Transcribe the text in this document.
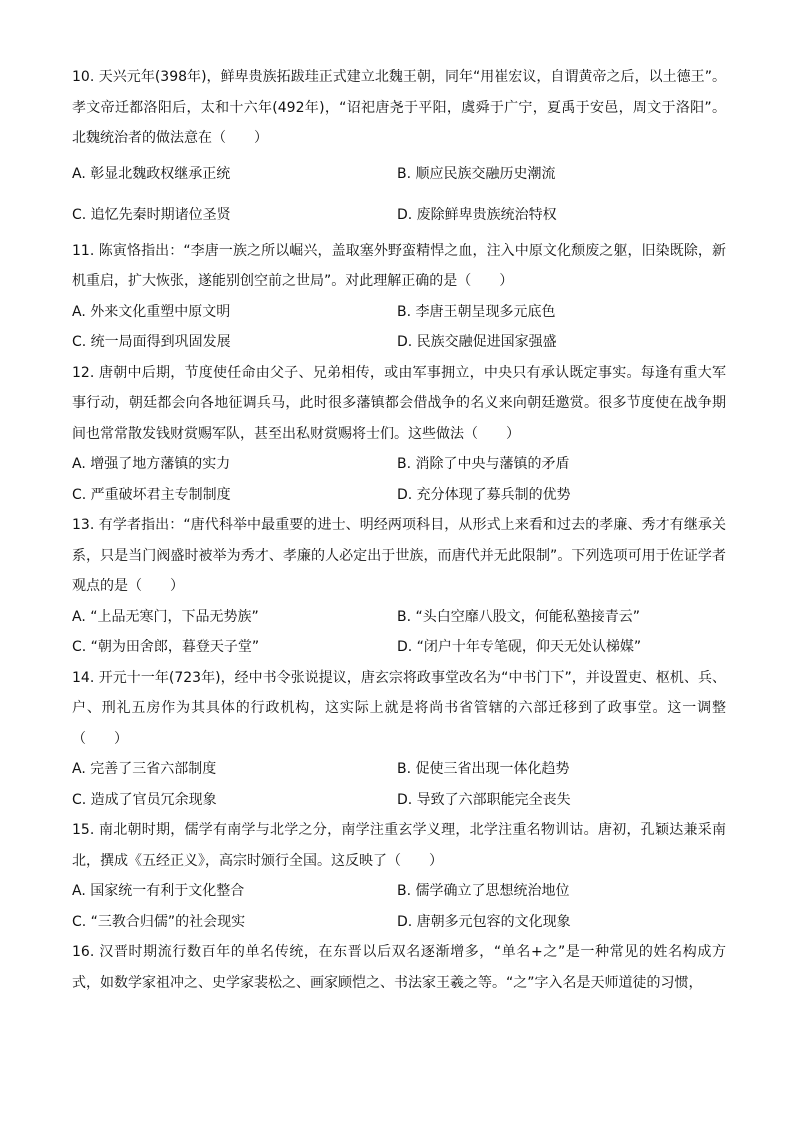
10. 天兴元年(398年)，鲜卑贵族拓跋珪正式建立北魏王朝，同年“用崔宏议，自谓黄帝之后，以土德王”。孝文帝迁都洛阳后，太和十六年(492年)，“诏祀唐尧于平阳，虞舜于广宁，夏禹于安邑，周文于洛阳”。北魏统治者的做法意在（　　）

A. 彰显北魏政权继承正统	B. 顺应民族交融历史潮流
C. 追忆先秦时期诸位圣贤	D. 废除鲜卑贵族统治特权

11. 陈寅恪指出：“李唐一族之所以崛兴，盖取塞外野蛮精悍之血，注入中原文化颓废之躯，旧染既除，新机重启，扩大恢张，遂能别创空前之世局”。对此理解正确的是（　　）

A. 外来文化重塑中原文明	B. 李唐王朝呈现多元底色
C. 统一局面得到巩固发展	D. 民族交融促进国家强盛

12. 唐朝中后期，节度使任命由父子、兄弟相传，或由军事拥立，中央只有承认既定事实。每逢有重大军事行动，朝廷都会向各地征调兵马，此时很多藩镇都会借战争的名义来向朝廷邀赏。很多节度使在战争期间也常常散发钱财赏赐军队，甚至出私财赏赐将士们。这些做法（　　）

A. 增强了地方藩镇的实力	B. 消除了中央与藩镇的矛盾
C. 严重破坏君主专制制度	D. 充分体现了募兵制的优势

13. 有学者指出：“唐代科举中最重要的进士、明经两项科目，从形式上来看和过去的孝廉、秀才有继承关系，只是当门阀盛时被举为秀才、孝廉的人必定出于世族，而唐代并无此限制”。下列选项可用于佐证学者观点的是（　　）

A. “上品无寒门，下品无势族”	B. “头白空靡八股文，何能私塾接青云”
C. “朝为田舍郎，暮登天子堂”	D. “闭户十年专笔砚，仰天无处认梯媒”

14. 开元十一年(723年)，经中书令张说提议，唐玄宗将政事堂改名为“中书门下”，并设置吏、枢机、兵、户、刑礼五房作为其具体的行政机构，这实际上就是将尚书省管辖的六部迁移到了政事堂。这一调整（　　）

A. 完善了三省六部制度	B. 促使三省出现一体化趋势
C. 造成了官员冗余现象	D. 导致了六部职能完全丧失

15. 南北朝时期，儒学有南学与北学之分，南学注重玄学义理，北学注重名物训诂。唐初，孔颖达兼采南北，撰成《五经正义》，高宗时颁行全国。这反映了（　　）

A. 国家统一有利于文化整合	B. 儒学确立了思想统治地位
C. “三教合归儒”的社会现实	D. 唐朝多元包容的文化现象

16. 汉晋时期流行数百年的单名传统，在东晋以后双名逐渐增多，“单名+之”是一种常见的姓名构成方式，如数学家祖冲之、史学家裴松之、画家顾恺之、书法家王羲之等。“之”字入名是天师道徒的习惯，
